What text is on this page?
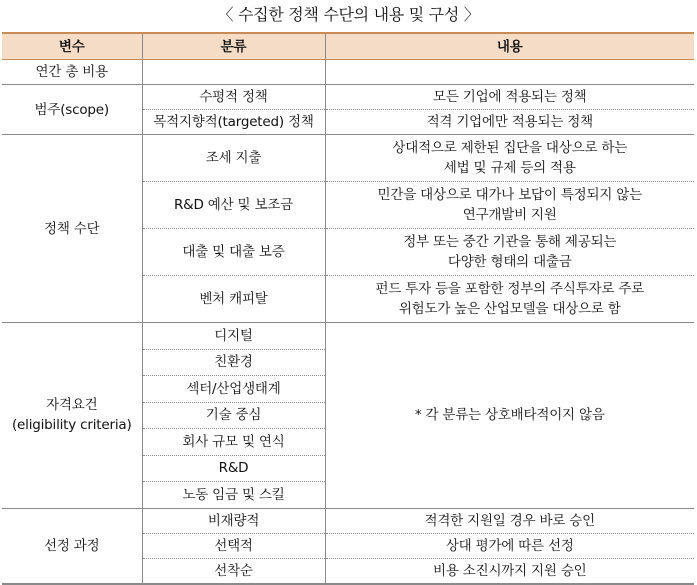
〈 수집한 정책 수단의 내용 및 구성 〉
변수	분류	내용
연간 총 비용		
범주(scope)	수평적 정책	모든 기업에 적용되는 정책
	목적지향적(targeted) 정책	적격 기업에만 적용되는 정책
정책 수단	조세 지출	상대적으로 제한된 집단을 대상으로 하는
세법 및 규제 등의 적용

	R&D 예산 및 보조금	민간을 대상으로 대가나 보답이 특정되지 않는
연구개발비 지원

	대출 및 대출 보증	정부 또는 중간 기관을 통해 제공되는
다양한 형태의 대출금

	벤처 캐피탈	펀드 투자 등을 포함한 정부의 주식투자로 주로
위험도가 높은 산업모델을 대상으로 함

자격요건
(eligibility criteria)	디지털	* 각 분류는 상호배타적이지 않음
	친환경	
	섹터/산업생태계	
	기술 중심	
	회사 규모 및 연식	
	R&D	
	노동 임금 및 스킬	
선정 과정	비재량적	적격한 지원일 경우 바로 승인
	선택적	상대 평가에 따른 선정
	선착순	비용 소진시까지 지원 승인
